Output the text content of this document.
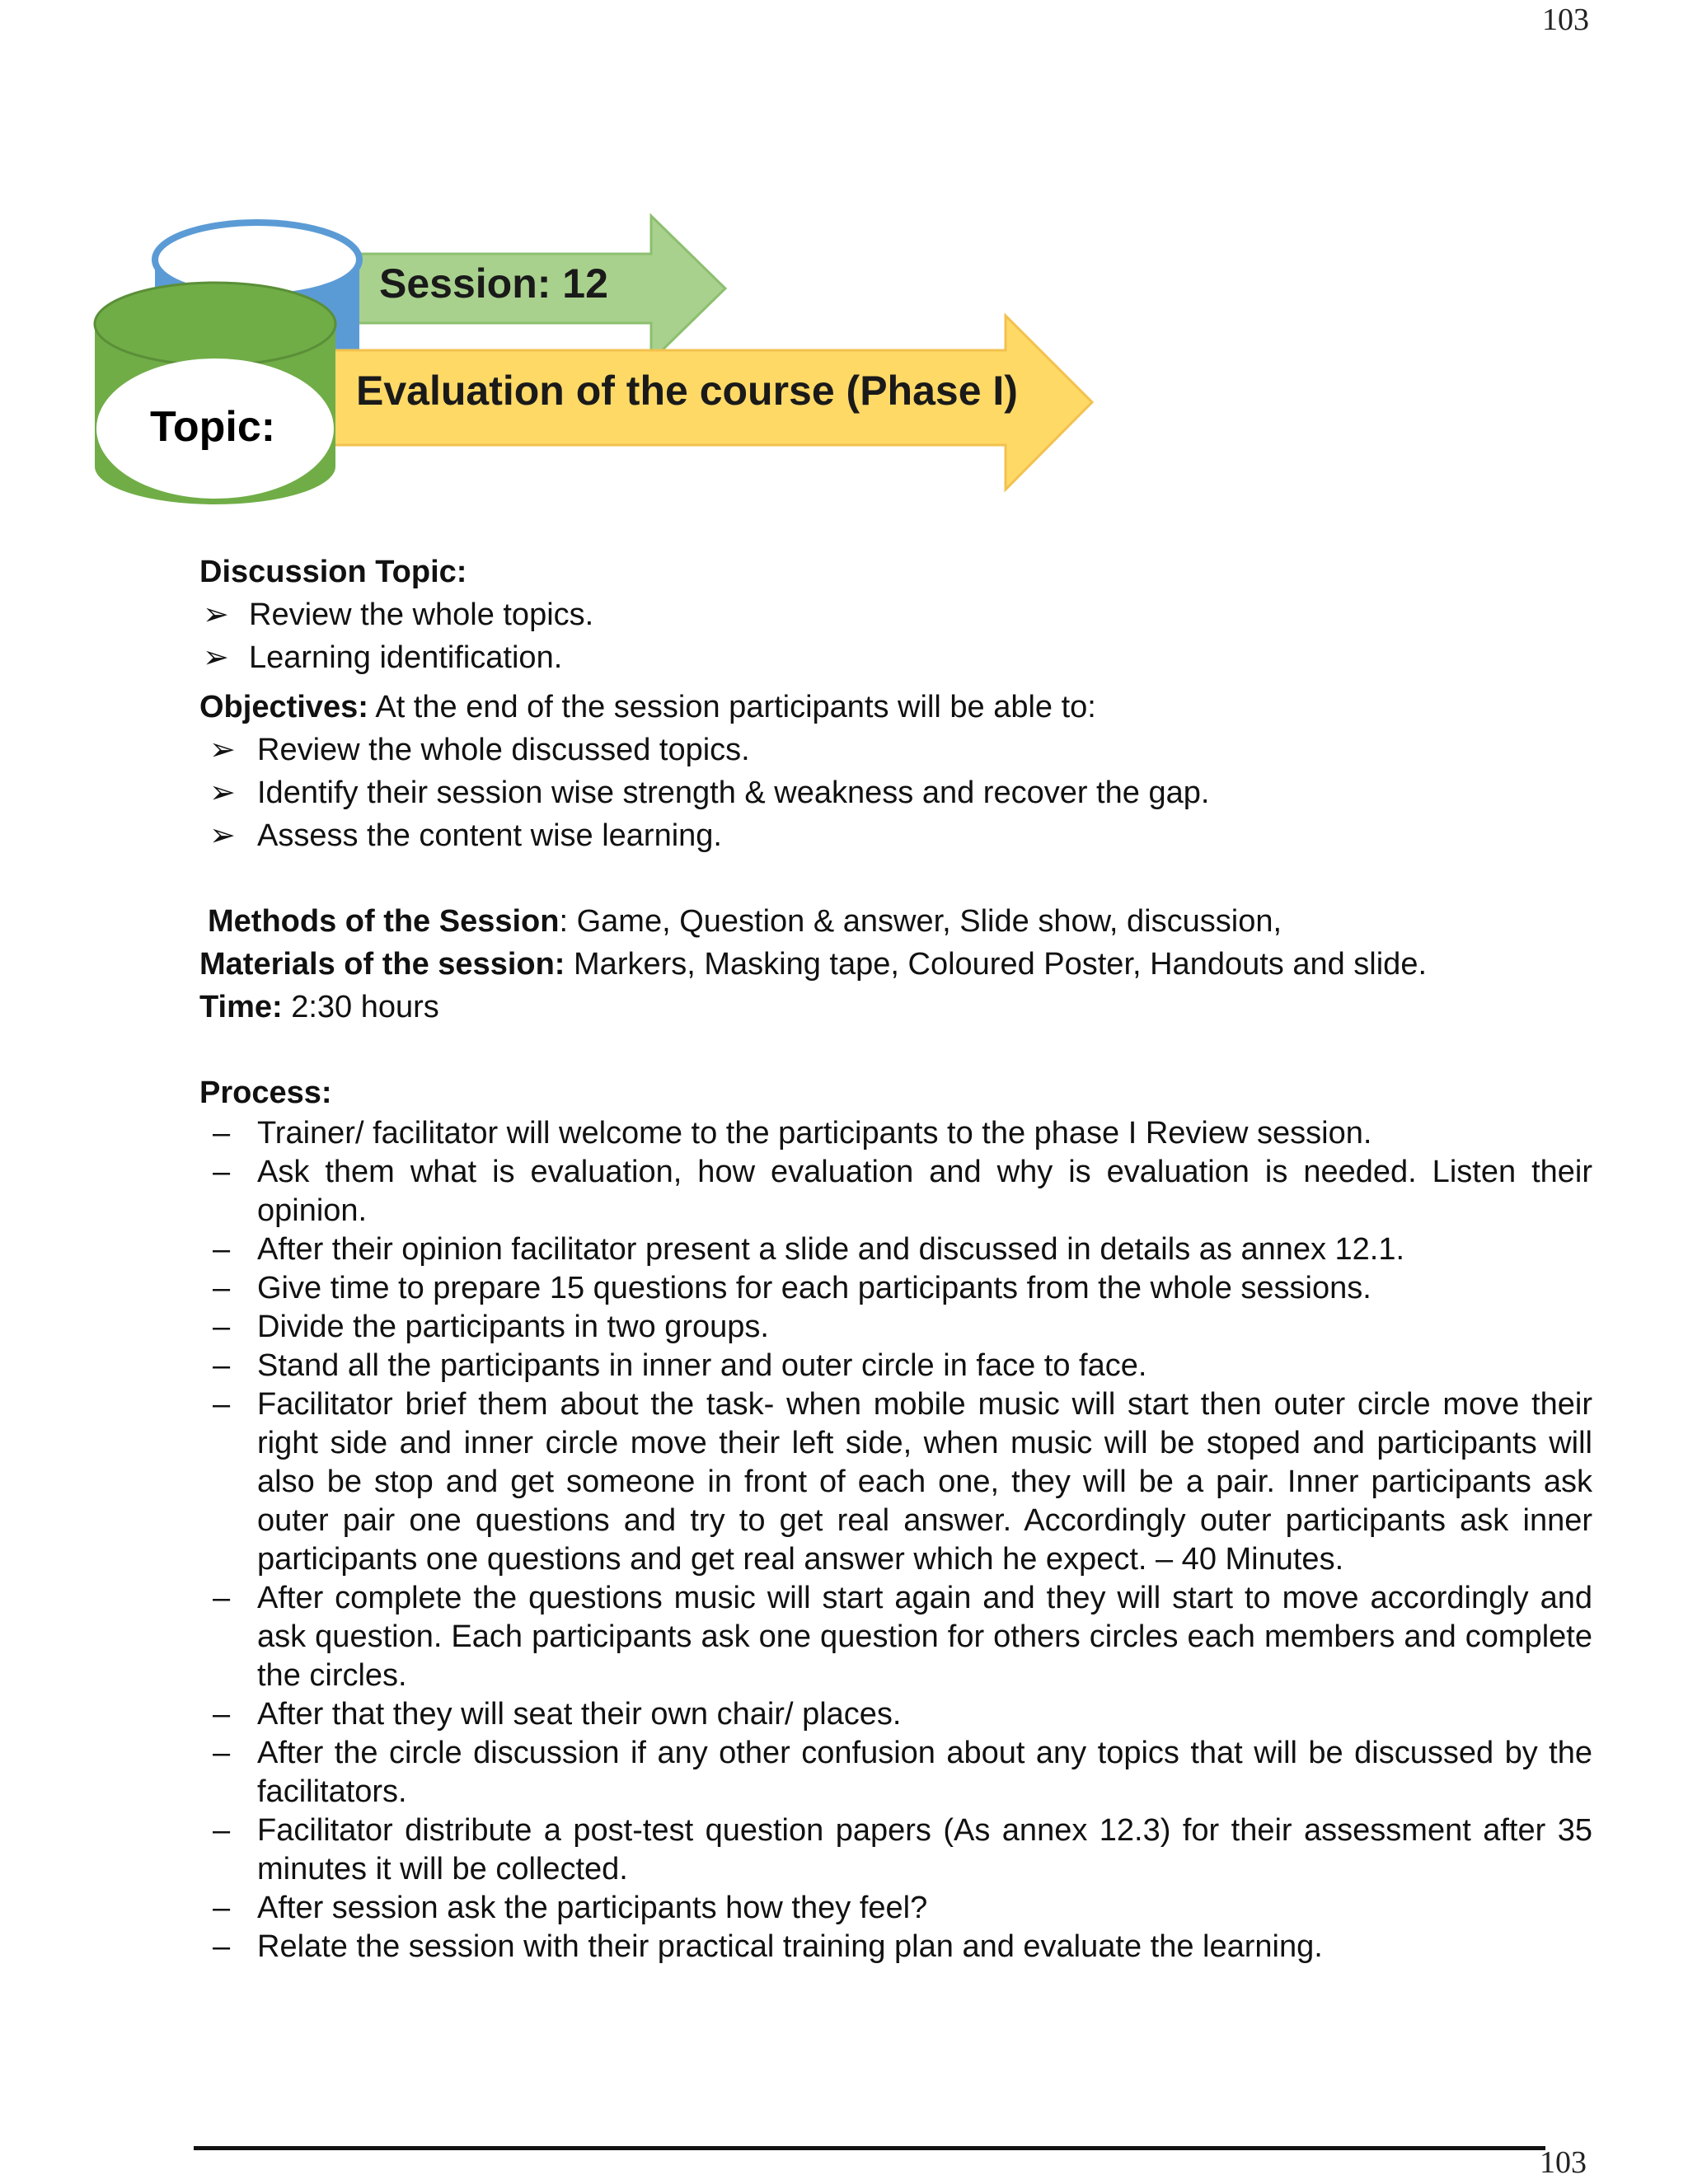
103
Session: 12
Evaluation of the course (Phase I)
Topic:
Discussion Topic:
➢ Review the whole topics.
➢ Learning identification.
Objectives: At the end of the session participants will be able to:
➢ Review the whole discussed topics.
➢ Identify their session wise strength & weakness and recover the gap.
➢ Assess the content wise learning.
Methods of the Session: Game, Question & answer, Slide show, discussion,
Materials of the session: Markers, Masking tape, Coloured Poster, Handouts and slide.
Time: 2:30 hours
Process:
– Trainer/ facilitator will welcome to the participants to the phase I Review session.
– Ask them what is evaluation, how evaluation and why is evaluation is needed. Listen their opinion.
– After their opinion facilitator present a slide and discussed in details as annex 12.1.
– Give time to prepare 15 questions for each participants from the whole sessions.
– Divide the participants in two groups.
– Stand all the participants in inner and outer circle in face to face.
– Facilitator brief them about the task- when mobile music will start then outer circle move their right side and inner circle move their left side, when music will be stoped and participants will also be stop and get someone in front of each one, they will be a pair. Inner participants ask outer pair one questions and try to get real answer. Accordingly outer participants ask inner participants one questions and get real answer which he expect. – 40 Minutes.
– After complete the questions music will start again and they will start to move accordingly and ask question. Each participants ask one question for others circles each members and complete the circles.
– After that they will seat their own chair/ places.
– After the circle discussion if any other confusion about any topics that will be discussed by the facilitators.
– Facilitator distribute a post-test question papers (As annex 12.3) for their assessment after 35 minutes it will be collected.
– After session ask the participants how they feel?
– Relate the session with their practical training plan and evaluate the learning.
103
